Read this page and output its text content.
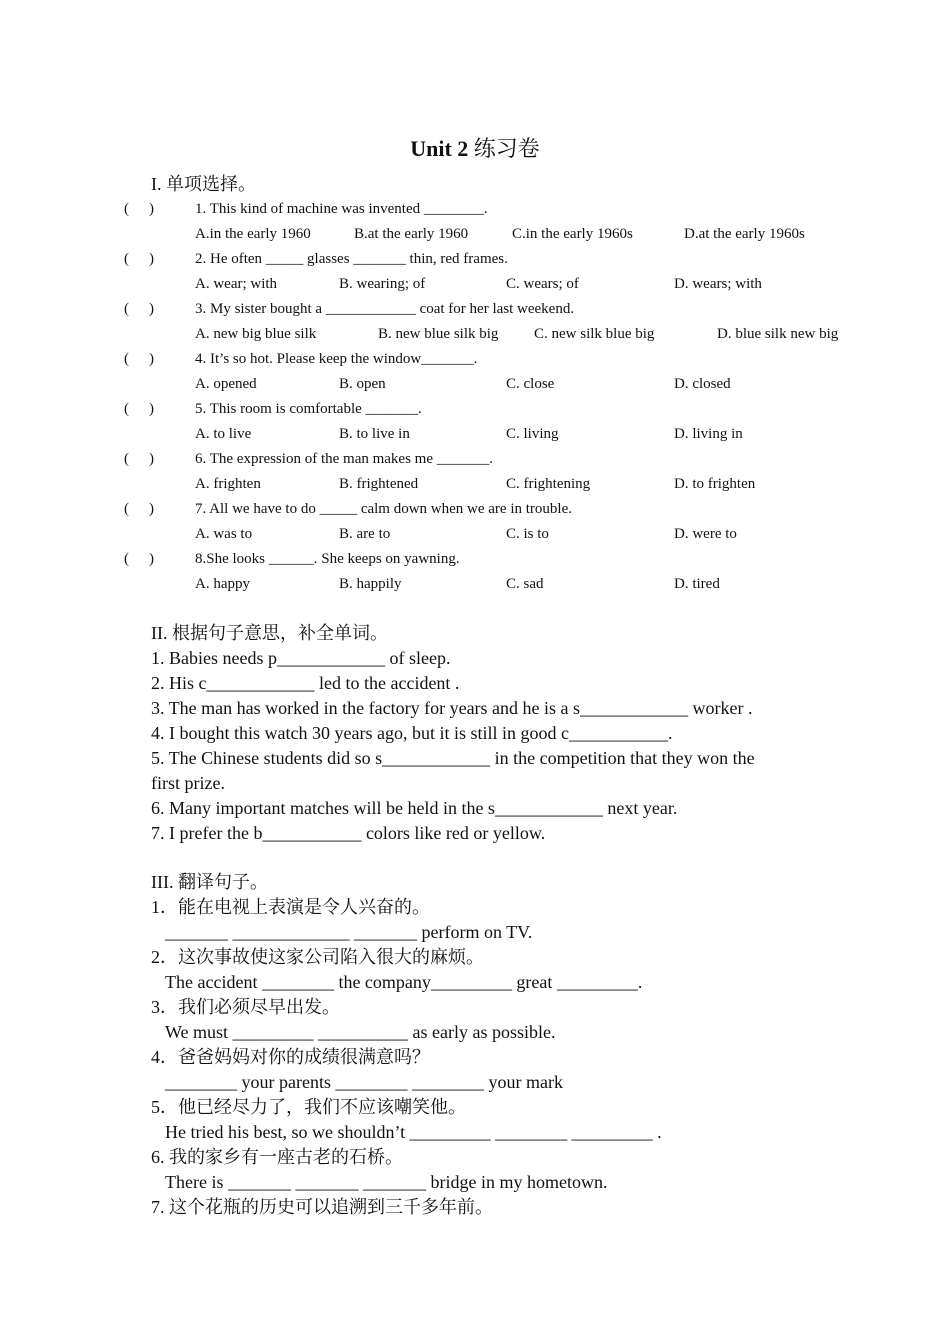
Unit 2 练习卷
I. 单项选择。
( )	1. This kind of machine was invented ________.
A.in the early 1960	B.at the early 1960	C.in the early 1960s	D.at the early 1960s
( )	2. He often _____ glasses _______ thin, red frames.
A. wear; with	B. wearing; of	C. wears; of	D. wears; with
( )	3. My sister bought a ____________ coat for her last weekend.
A. new big blue silk	B. new blue silk big C. new silk blue big	D. blue silk new big
( )	4. It’s so hot. Please keep the window_______.
A. opened	B. open	C. close	D. closed
( )	5. This room is comfortable _______.
A. to live	B. to live in	C. living	D. living in
( )	6. The expression of the man makes me _______.
A. frighten	B. frightened	C. frightening	D. to frighten
( )	7. All we have to do _____ calm down when we are in trouble.
A. was to	B. are to	C. is to	D. were to
( )	8.She looks ______. She keeps on yawning.
A. happy	B. happily	C. sad	D. tired
II. 根据句子意思，补全单词。
1. Babies needs p____________ of sleep.
2. His c____________ led to the accident .
3. The man has worked in the factory for years and he is a s____________ worker .
4. I bought this watch 30 years ago, but it is still in good c___________.
5. The Chinese students did so s____________ in the competition that they won the
first prize.
6. Many important matches will be held in the s____________ next year.
7. I prefer the b___________ colors like red or yellow.
III. 翻译句子。
1．能在电视上表演是令人兴奋的。
_______ _____________ _______ perform on TV.
2．这次事故使这家公司陷入很大的麻烦。
The accident ________ the company_________ great _________.
3．我们必须尽早出发。
We must _________ __________ as early as possible.
4．爸爸妈妈对你的成绩很满意吗？
________ your parents ________ ________ your mark
5．他已经尽力了，我们不应该嘲笑他。
He tried his best, so we shouldn’t _________ ________ _________ .
6. 我的家乡有一座古老的石桥。
There is _______ _______ _______ bridge in my hometown.
7. 这个花瓶的历史可以追溯到三千多年前。
